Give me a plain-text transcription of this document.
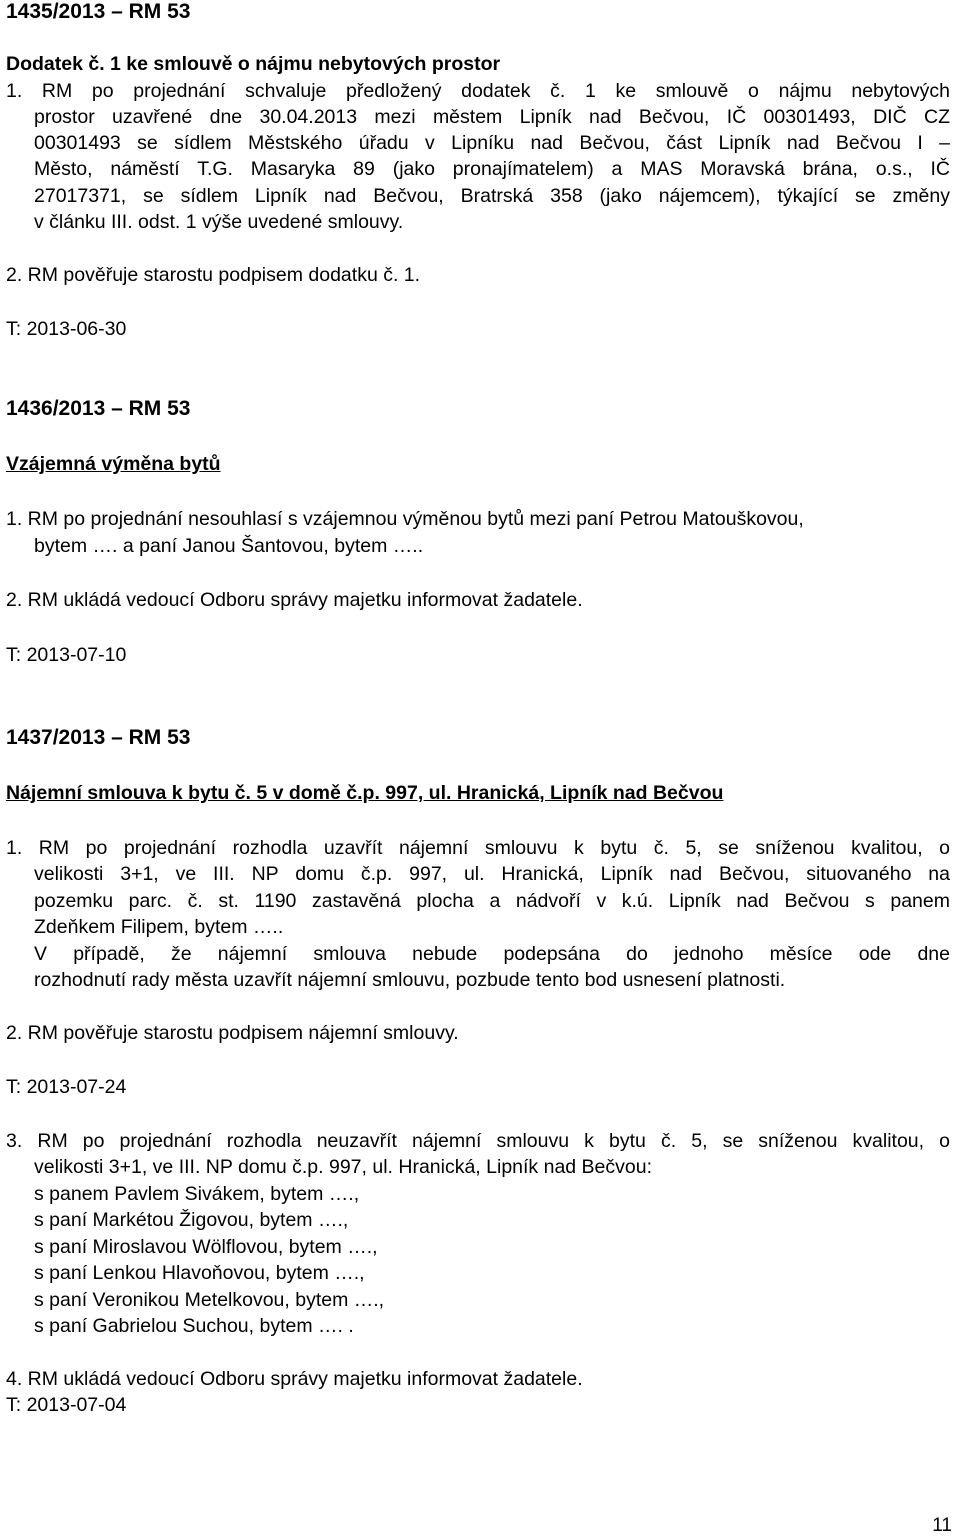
1435/2013 – RM 53
Dodatek č. 1 ke smlouvě o nájmu nebytových prostor
1. RM po projednání schvaluje předložený dodatek č. 1 ke smlouvě o nájmu nebytových
prostor uzavřené dne 30.04.2013 mezi městem Lipník nad Bečvou, IČ 00301493, DIČ CZ
00301493 se sídlem Městského úřadu v Lipníku nad Bečvou, část Lipník nad Bečvou I –
Město, náměstí T.G. Masaryka 89 (jako pronajímatelem) a MAS Moravská brána, o.s., IČ
27017371, se sídlem Lipník nad Bečvou, Bratrská 358 (jako nájemcem), týkající se změny
v článku III. odst. 1 výše uvedené smlouvy.
2. RM pověřuje starostu podpisem dodatku č. 1.
T: 2013-06-30
1436/2013 – RM 53
Vzájemná výměna bytů
1. RM po projednání nesouhlasí s vzájemnou výměnou bytů mezi paní Petrou Matouškovou,
bytem …. a paní Janou Šantovou, bytem …..
2. RM ukládá vedoucí Odboru správy majetku informovat žadatele.
T: 2013-07-10
1437/2013 – RM 53
Nájemní smlouva k bytu č. 5 v domě č.p. 997, ul. Hranická, Lipník nad Bečvou
1. RM po projednání rozhodla uzavřít nájemní smlouvu k bytu č. 5, se sníženou kvalitou, o
velikosti 3+1, ve III. NP domu č.p. 997, ul. Hranická, Lipník nad Bečvou, situovaného na
pozemku parc. č. st. 1190 zastavěná plocha a nádvoří v k.ú. Lipník nad Bečvou s panem
Zdeňkem Filipem, bytem …..
V případě, že nájemní smlouva nebude podepsána do jednoho měsíce ode dne
rozhodnutí rady města uzavřít nájemní smlouvu, pozbude tento bod usnesení platnosti.
2. RM pověřuje starostu podpisem nájemní smlouvy.
T: 2013-07-24
3. RM po projednání rozhodla neuzavřít nájemní smlouvu k bytu č. 5, se sníženou kvalitou, o
velikosti 3+1, ve III. NP domu č.p. 997, ul. Hranická, Lipník nad Bečvou:
s panem Pavlem Sivákem, bytem ….,
s paní Markétou Žigovou, bytem ….,
s paní Miroslavou Wölflovou, bytem ….,
s paní Lenkou Hlavoňovou, bytem ….,
s paní Veronikou Metelkovou, bytem ….,
s paní Gabrielou Suchou, bytem …. .
4. RM ukládá vedoucí Odboru správy majetku informovat žadatele.
T: 2013-07-04
11
